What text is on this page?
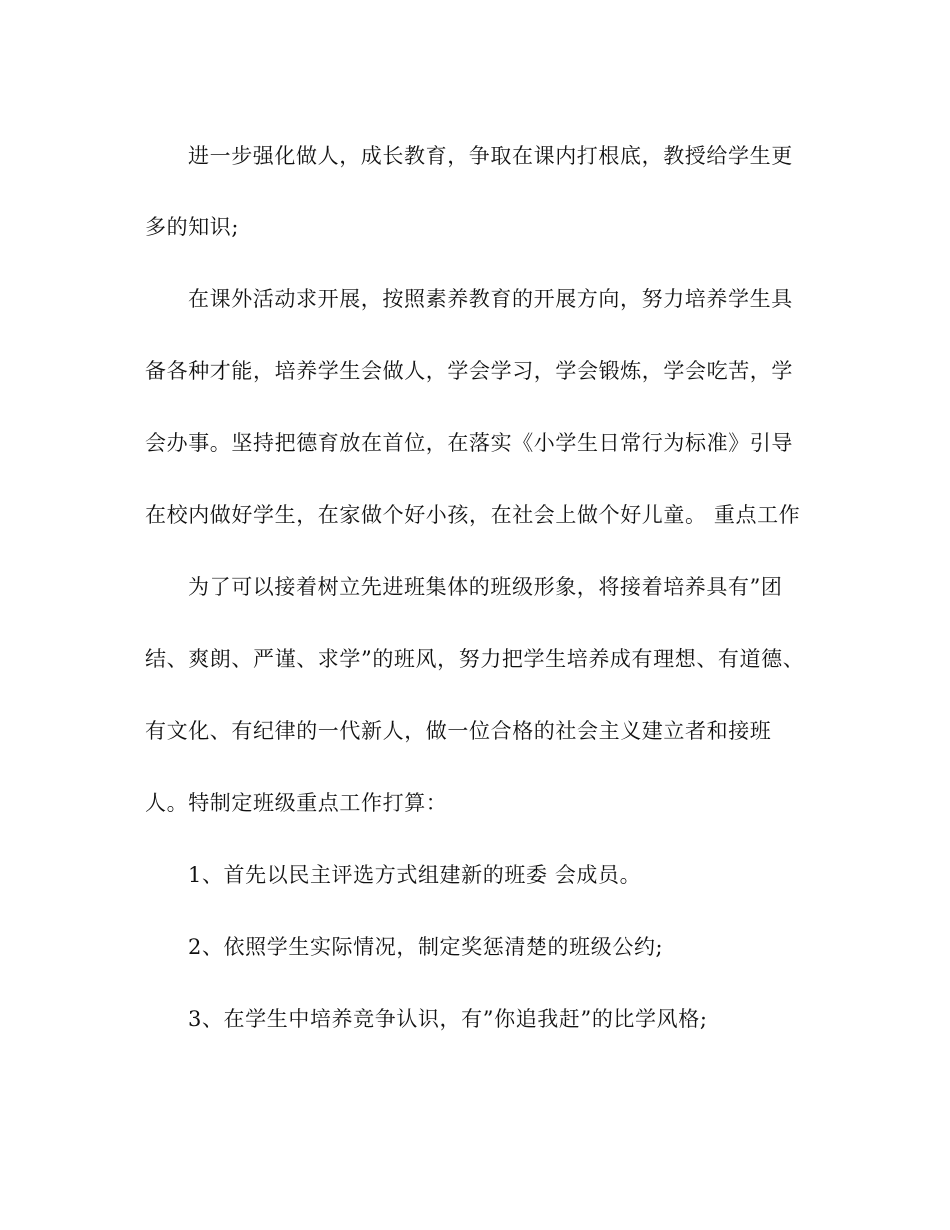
进一步强化做人，成长教育，争取在课内打根底，教授给学生更
多的知识;
在课外活动求开展，按照素养教育的开展方向，努力培养学生具
备各种才能，培养学生会做人，学会学习，学会锻炼，学会吃苦，学
会办事。坚持把德育放在首位，在落实《小学生日常行为标准》引导
在校内做好学生，在家做个好小孩，在社会上做个好儿童。 重点工作
为了可以接着树立先进班集体的班级形象，将接着培养具有”团
结、爽朗、严谨、求学”的班风，努力把学生培养成有理想、有道德、
有文化、有纪律的一代新人，做一位合格的社会主义建立者和接班
人。特制定班级重点工作打算：
1、首先以民主评选方式组建新的班委 会成员。
2、依照学生实际情况，制定奖惩清楚的班级公约;
3、在学生中培养竞争认识，有”你追我赶”的比学风格;
